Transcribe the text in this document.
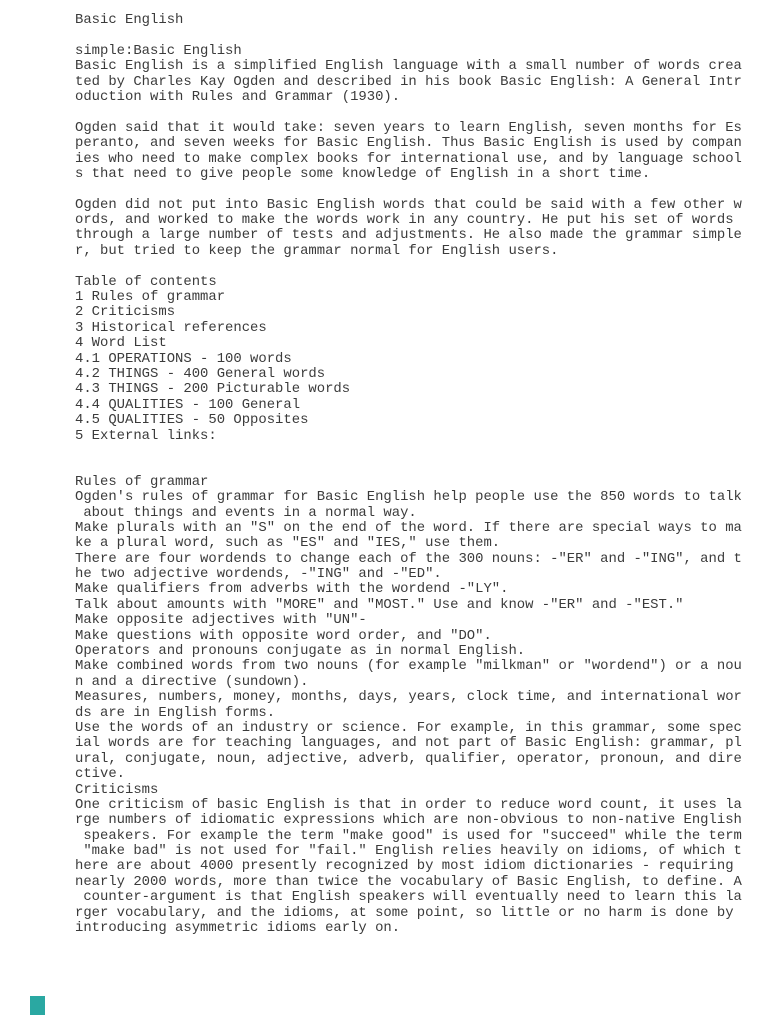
Basic English

simple:Basic English
Basic English is a simplified English language with a small number of words crea
ted by Charles Kay Ogden and described in his book Basic English: A General Intr
oduction with Rules and Grammar (1930).

Ogden said that it would take: seven years to learn English, seven months for Es
peranto, and seven weeks for Basic English. Thus Basic English is used by compan
ies who need to make complex books for international use, and by language school
s that need to give people some knowledge of English in a short time.

Ogden did not put into Basic English words that could be said with a few other w
ords, and worked to make the words work in any country. He put his set of words
through a large number of tests and adjustments. He also made the grammar simple
r, but tried to keep the grammar normal for English users.

Table of contents
1 Rules of grammar
2 Criticisms
3 Historical references
4 Word List
4.1 OPERATIONS - 100 words
4.2 THINGS - 400 General words
4.3 THINGS - 200 Picturable words
4.4 QUALITIES - 100 General
4.5 QUALITIES - 50 Opposites
5 External links:

Rules of grammar
Ogden's rules of grammar for Basic English help people use the 850 words to talk
about things and events in a normal way.
Make plurals with an "S" on the end of the word. If there are special ways to ma
ke a plural word, such as "ES" and "IES," use them.
There are four wordends to change each of the 300 nouns: -"ER" and -"ING", and t
he two adjective wordends, -"ING" and -"ED".
Make qualifiers from adverbs with the wordend -"LY".
Talk about amounts with "MORE" and "MOST." Use and know -"ER" and -"EST."
Make opposite adjectives with "UN"-
Make questions with opposite word order, and "DO".
Operators and pronouns conjugate as in normal English.
Make combined words from two nouns (for example "milkman" or "wordend") or a nou
n and a directive (sundown).
Measures, numbers, money, months, days, years, clock time, and international wor
ds are in English forms.
Use the words of an industry or science. For example, in this grammar, some spec
ial words are for teaching languages, and not part of Basic English: grammar, pl
ural, conjugate, noun, adjective, adverb, qualifier, operator, pronoun, and dire
ctive.
Criticisms
One criticism of basic English is that in order to reduce word count, it uses la
rge numbers of idiomatic expressions which are non-obvious to non-native English
speakers. For example the term "make good" is used for "succeed" while the term
"make bad" is not used for "fail." English relies heavily on idioms, of which t
here are about 4000 presently recognized by most idiom dictionaries - requiring
nearly 2000 words, more than twice the vocabulary of Basic English, to define. A
counter-argument is that English speakers will eventually need to learn this la
rger vocabulary, and the idioms, at some point, so little or no harm is done by
introducing asymmetric idioms early on.
